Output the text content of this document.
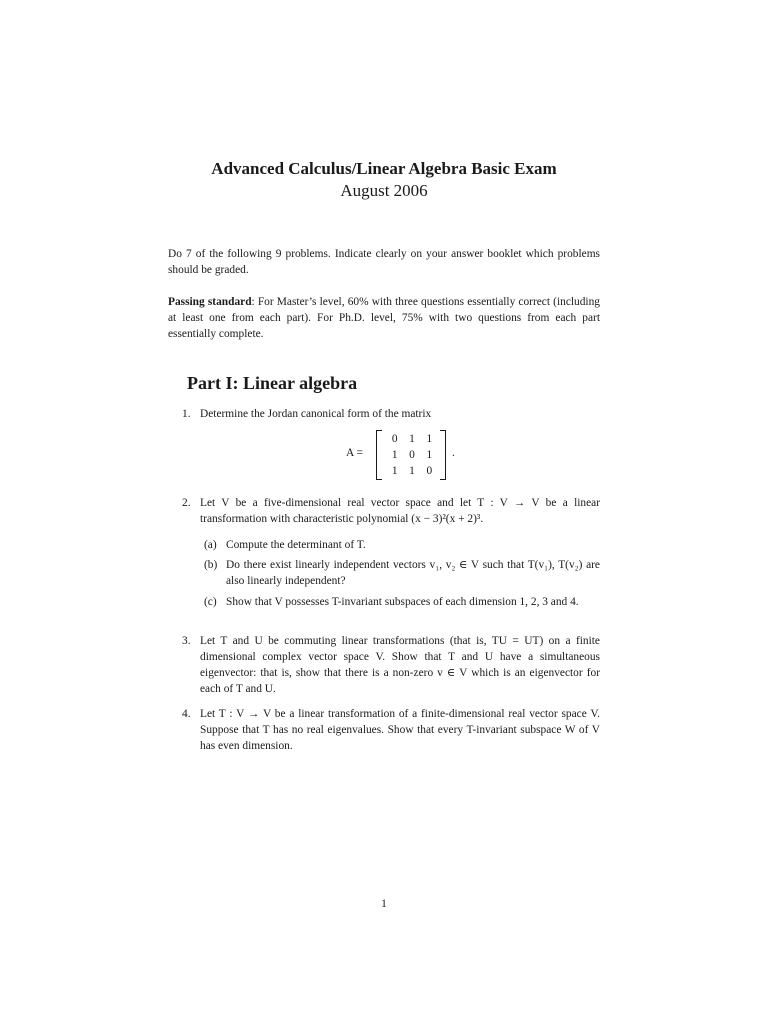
Advanced Calculus/Linear Algebra Basic Exam
August 2006
Do 7 of the following 9 problems. Indicate clearly on your answer booklet which problems should be graded.
Passing standard: For Master’s level, 60% with three questions essentially correct (including at least one from each part). For Ph.D. level, 75% with two questions from each part essentially complete.
Part I: Linear algebra
1. Determine the Jordan canonical form of the matrix
A =
0	1	1
1	0	1
1	1	0
.
2. Let V be a five-dimensional real vector space and let T : V → V be a linear transformation with characteristic polynomial (x − 3)²(x + 2)³.
(a) Compute the determinant of T.
(b) Do there exist linearly independent vectors v₁, v₂ ∈ V such that T(v₁), T(v₂) are also linearly independent?
(c) Show that V possesses T-invariant subspaces of each dimension 1, 2, 3 and 4.
3. Let T and U be commuting linear transformations (that is, TU = UT) on a finite dimensional complex vector space V. Show that T and U have a simultaneous eigenvector: that is, show that there is a non-zero v ∈ V which is an eigenvector for each of T and U.
4. Let T : V → V be a linear transformation of a finite-dimensional real vector space V. Suppose that T has no real eigenvalues. Show that every T-invariant subspace W of V has even dimension.
1
